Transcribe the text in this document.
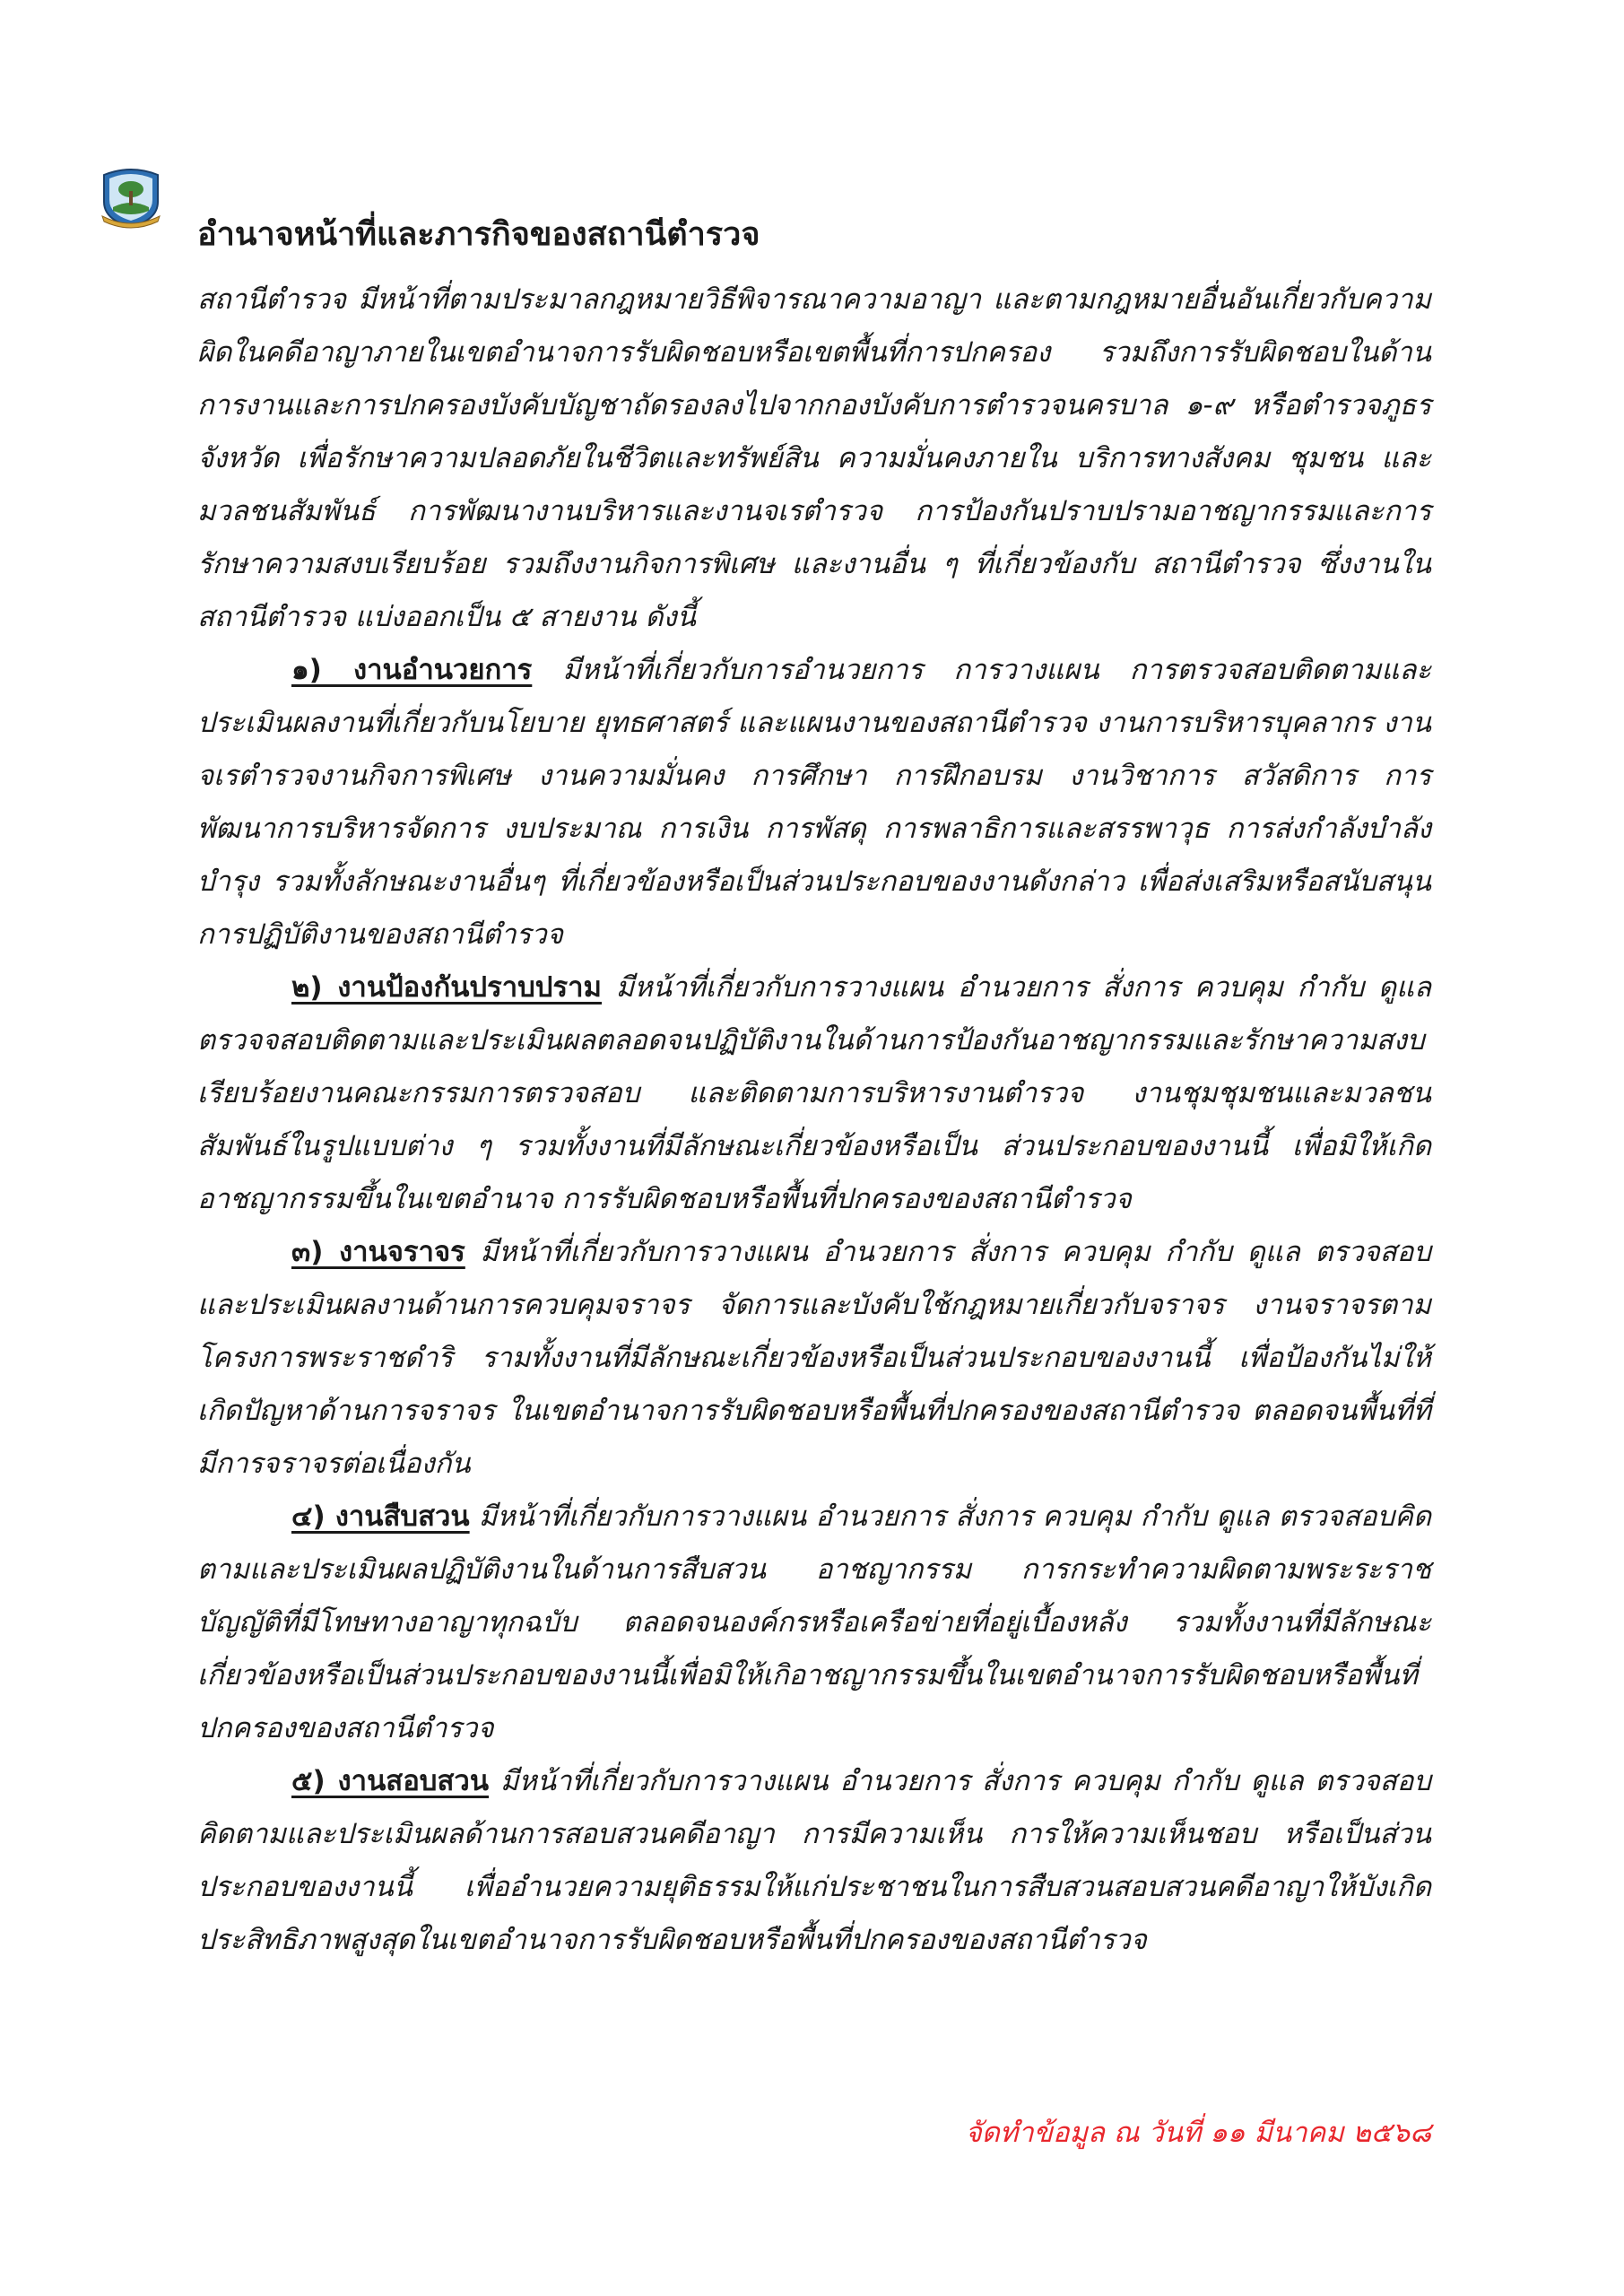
อำนาจหน้าที่และภารกิจของสถานีตำรวจ

สถานีตำรวจ มีหน้าที่ตามประมาลกฎหมายวิธีพิจารณาความอาญา และตามกฎหมายอื่นอันเกี่ยวกับความผิดในคดีอาญาภายในเขตอำนาจการรับผิดชอบหรือเขตพื้นที่การปกครอง รวมถึงการรับผิดชอบในด้านการงานและการปกครองบังคับบัญชาถัดรองลงไปจากกองบังคับการตำรวจนครบาล ๑-๙ หรือตำรวจภูธรจังหวัด เพื่อรักษาความปลอดภัยในชีวิตและทรัพย์สิน ความมั่นคงภายใน บริการทางสังคม ชุมชน และมวลชนสัมพันธ์ การพัฒนางานบริหารและงานจเรตำรวจ การป้องกันปราบปรามอาชญากรรมและการรักษาความสงบเรียบร้อย รวมถึงงานกิจการพิเศษ และงานอื่น ๆ ที่เกี่ยวข้องกับ สถานีตำรวจ ซึ่งงานในสถานีตำรวจ แบ่งออกเป็น ๕ สายงาน ดังนี้

๑) งานอำนวยการ มีหน้าที่เกี่ยวกับการอำนวยการ การวางแผน การตรวจสอบติดตามและประเมินผลงานที่เกี่ยวกับนโยบาย ยุทธศาสตร์ และแผนงานของสถานีตำรวจ งานการบริหารบุคลากร งานจเรตำรวจงานกิจการพิเศษ งานความมั่นคง การศึกษา การฝึกอบรม งานวิชาการ สวัสดิการ การพัฒนาการบริหารจัดการ งบประมาณ การเงิน การพัสดุ การพลาธิการและสรรพาวุธ การส่งกำลังบำลังบำรุง รวมทั้งลักษณะงานอื่นๆ ที่เกี่ยวข้องหรือเป็นส่วนประกอบของงานดังกล่าว เพื่อส่งเสริมหรือสนับสนุนการปฏิบัติงานของสถานีตำรวจ

๒) งานป้องกันปราบปราม มีหน้าที่เกี่ยวกับการวางแผน อำนวยการ สั่งการ ควบคุม กำกับ ดูแล ตรวจจสอบติดตามและประเมินผลตลอดจนปฏิบัติงานในด้านการป้องกันอาชญากรรมและรักษาความสงบเรียบร้อยงานคณะกรรมการตรวจสอบ และติดตามการบริหารงานตำรวจ งานชุมชุมชนและมวลชนสัมพันธ์ในรูปแบบต่าง ๆ รวมทั้งงานที่มีลักษณะเกี่ยวข้องหรือเป็น ส่วนประกอบของงานนี้ เพื่อมิให้เกิดอาชญากรรมขึ้นในเขตอำนาจ การรับผิดชอบหรือพื้นที่ปกครองของสถานีตำรวจ

๓) งานจราจร มีหน้าที่เกี่ยวกับการวางแผน อำนวยการ สั่งการ ควบคุม กำกับ ดูแล ตรวจสอบและประเมินผลงานด้านการควบคุมจราจร จัดการและบังคับใช้กฎหมายเกี่ยวกับจราจร งานจราจรตามโครงการพระราชดำริ รามทั้งงานที่มีลักษณะเกี่ยวข้องหรือเป็นส่วนประกอบของงานนี้ เพื่อป้องกันไม่ให้เกิดปัญหาด้านการจราจร ในเขตอำนาจการรับผิดชอบหรือพื้นที่ปกครองของสถานีตำรวจ ตลอดจนพื้นที่ที่มีการจราจรต่อเนื่องกัน

๔) งานสืบสวน มีหน้าที่เกี่ยวกับการวางแผน อำนวยการ สั่งการ ควบคุม กำกับ ดูแล ตรวจสอบคิดตามและประเมินผลปฏิบัติงานในด้านการสืบสวน อาชญากรรม การกระทำความผิดตามพระระราชบัญญัติที่มีโทษทางอาญาทุกฉบับ ตลอดจนองค์กรหรือเครือข่ายที่อยู่เบื้องหลัง รวมทั้งงานที่มีลักษณะเกี่ยวข้องหรือเป็นส่วนประกอบของงานนี้เพื่อมิให้เกิอาชญากรรมขึ้นในเขตอำนาจการรับผิดชอบหรือพื้นที่ปกครองของสถานีตำรวจ

๕) งานสอบสวน มีหน้าที่เกี่ยวกับการวางแผน อำนวยการ สั่งการ ควบคุม กำกับ ดูแล ตรวจสอบคิดตามและประเมินผลด้านการสอบสวนคดีอาญา การมีความเห็น การให้ความเห็นชอบ หรือเป็นส่วนประกอบของงานนี้ เพื่ออำนวยความยุติธรรมให้แก่ประชาชนในการสืบสวนสอบสวนคดีอาญาให้บังเกิดประสิทธิภาพสูงสุดในเขตอำนาจการรับผิดชอบหรือพื้นที่ปกครองของสถานีตำรวจ

จัดทำข้อมูล ณ วันที่ ๑๑ มีนาคม ๒๕๖๘
